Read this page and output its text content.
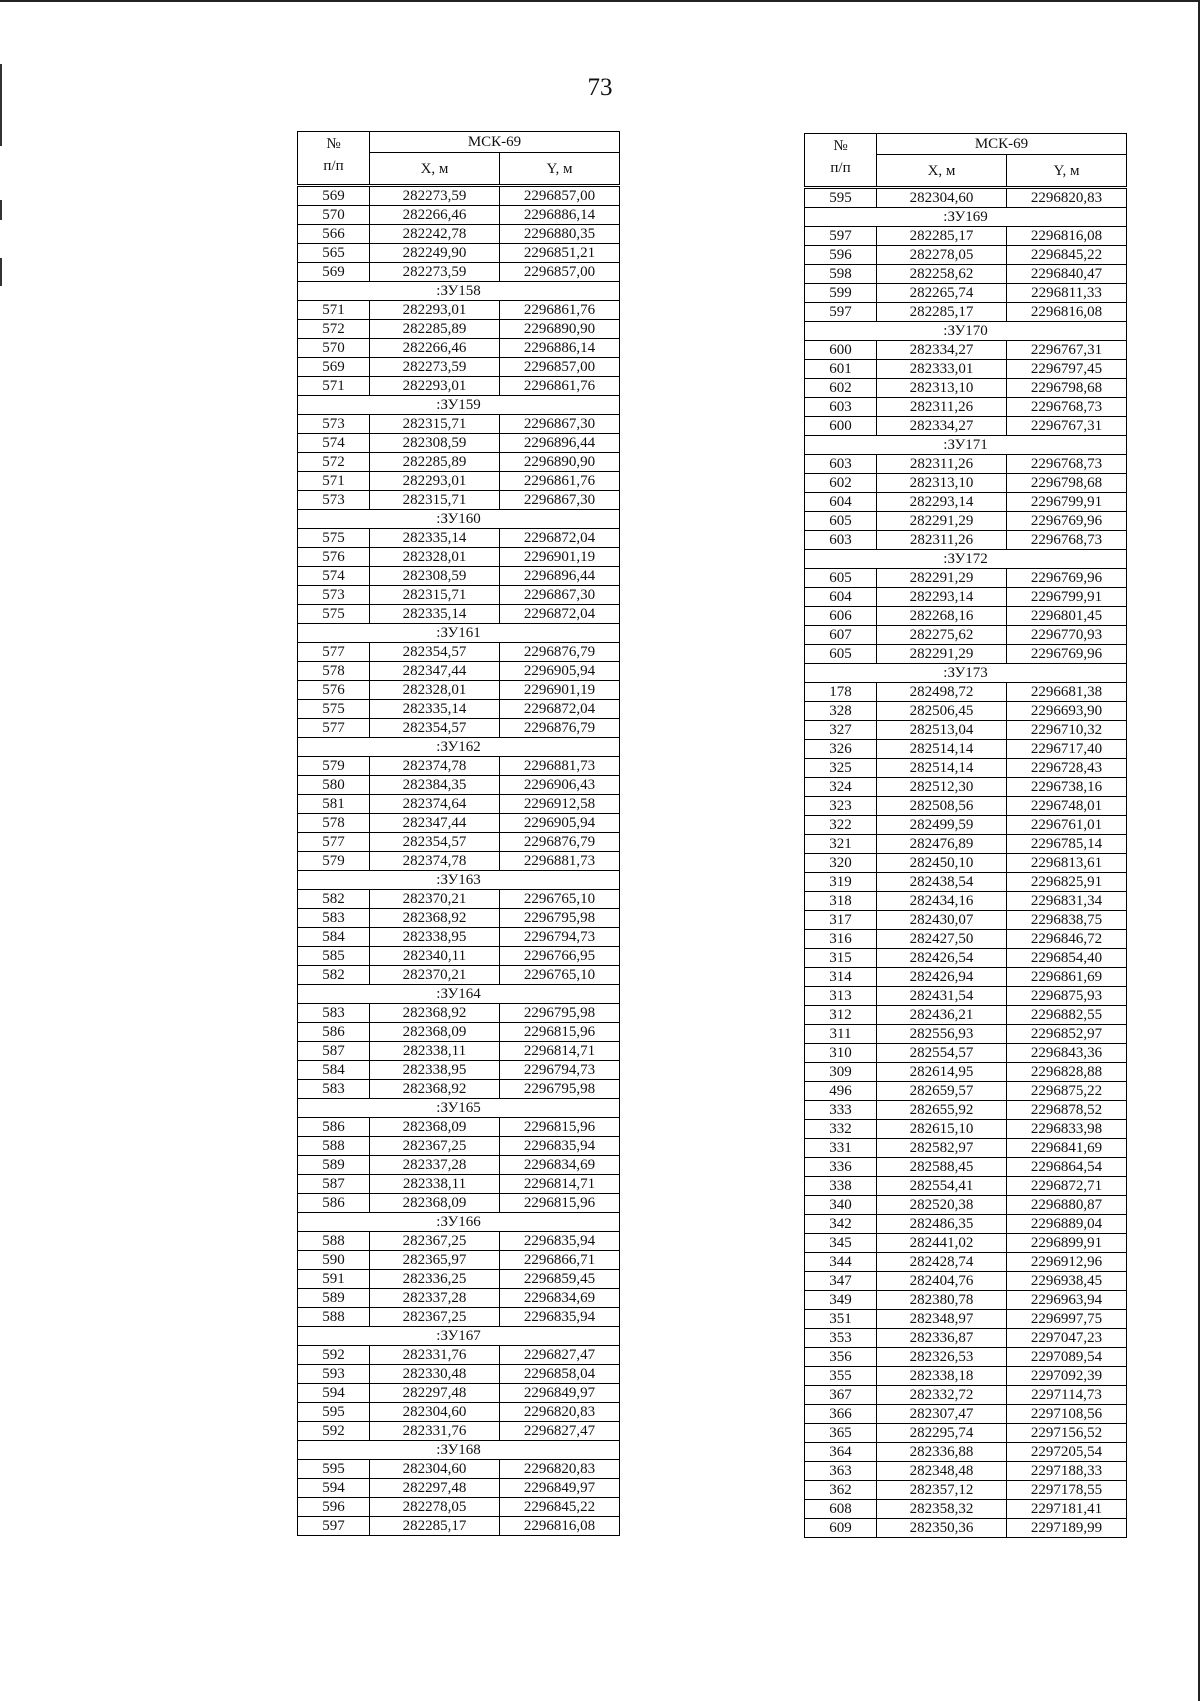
73
№
п/п	МСК-69	
	X, м	Y, м
569	282273,59	2296857,00
570	282266,46	2296886,14
566	282242,78	2296880,35
565	282249,90	2296851,21
569	282273,59	2296857,00
:ЗУ158		
571	282293,01	2296861,76
572	282285,89	2296890,90
570	282266,46	2296886,14
569	282273,59	2296857,00
571	282293,01	2296861,76
:ЗУ159		
573	282315,71	2296867,30
574	282308,59	2296896,44
572	282285,89	2296890,90
571	282293,01	2296861,76
573	282315,71	2296867,30
:ЗУ160		
575	282335,14	2296872,04
576	282328,01	2296901,19
574	282308,59	2296896,44
573	282315,71	2296867,30
575	282335,14	2296872,04
:ЗУ161		
577	282354,57	2296876,79
578	282347,44	2296905,94
576	282328,01	2296901,19
575	282335,14	2296872,04
577	282354,57	2296876,79
:ЗУ162		
579	282374,78	2296881,73
580	282384,35	2296906,43
581	282374,64	2296912,58
578	282347,44	2296905,94
577	282354,57	2296876,79
579	282374,78	2296881,73
:ЗУ163		
582	282370,21	2296765,10
583	282368,92	2296795,98
584	282338,95	2296794,73
585	282340,11	2296766,95
582	282370,21	2296765,10
:ЗУ164		
583	282368,92	2296795,98
586	282368,09	2296815,96
587	282338,11	2296814,71
584	282338,95	2296794,73
583	282368,92	2296795,98
:ЗУ165		
586	282368,09	2296815,96
588	282367,25	2296835,94
589	282337,28	2296834,69
587	282338,11	2296814,71
586	282368,09	2296815,96
:ЗУ166		
588	282367,25	2296835,94
590	282365,97	2296866,71
591	282336,25	2296859,45
589	282337,28	2296834,69
588	282367,25	2296835,94
:ЗУ167		
592	282331,76	2296827,47
593	282330,48	2296858,04
594	282297,48	2296849,97
595	282304,60	2296820,83
592	282331,76	2296827,47
:ЗУ168		
595	282304,60	2296820,83
594	282297,48	2296849,97
596	282278,05	2296845,22
597	282285,17	2296816,08
№
п/п	МСК-69	
	X, м	Y, м
595	282304,60	2296820,83
:ЗУ169		
597	282285,17	2296816,08
596	282278,05	2296845,22
598	282258,62	2296840,47
599	282265,74	2296811,33
597	282285,17	2296816,08
:ЗУ170		
600	282334,27	2296767,31
601	282333,01	2296797,45
602	282313,10	2296798,68
603	282311,26	2296768,73
600	282334,27	2296767,31
:ЗУ171		
603	282311,26	2296768,73
602	282313,10	2296798,68
604	282293,14	2296799,91
605	282291,29	2296769,96
603	282311,26	2296768,73
:ЗУ172		
605	282291,29	2296769,96
604	282293,14	2296799,91
606	282268,16	2296801,45
607	282275,62	2296770,93
605	282291,29	2296769,96
:ЗУ173		
178	282498,72	2296681,38
328	282506,45	2296693,90
327	282513,04	2296710,32
326	282514,14	2296717,40
325	282514,14	2296728,43
324	282512,30	2296738,16
323	282508,56	2296748,01
322	282499,59	2296761,01
321	282476,89	2296785,14
320	282450,10	2296813,61
319	282438,54	2296825,91
318	282434,16	2296831,34
317	282430,07	2296838,75
316	282427,50	2296846,72
315	282426,54	2296854,40
314	282426,94	2296861,69
313	282431,54	2296875,93
312	282436,21	2296882,55
311	282556,93	2296852,97
310	282554,57	2296843,36
309	282614,95	2296828,88
496	282659,57	2296875,22
333	282655,92	2296878,52
332	282615,10	2296833,98
331	282582,97	2296841,69
336	282588,45	2296864,54
338	282554,41	2296872,71
340	282520,38	2296880,87
342	282486,35	2296889,04
345	282441,02	2296899,91
344	282428,74	2296912,96
347	282404,76	2296938,45
349	282380,78	2296963,94
351	282348,97	2296997,75
353	282336,87	2297047,23
356	282326,53	2297089,54
355	282338,18	2297092,39
367	282332,72	2297114,73
366	282307,47	2297108,56
365	282295,74	2297156,52
364	282336,88	2297205,54
363	282348,48	2297188,33
362	282357,12	2297178,55
608	282358,32	2297181,41
609	282350,36	2297189,99
